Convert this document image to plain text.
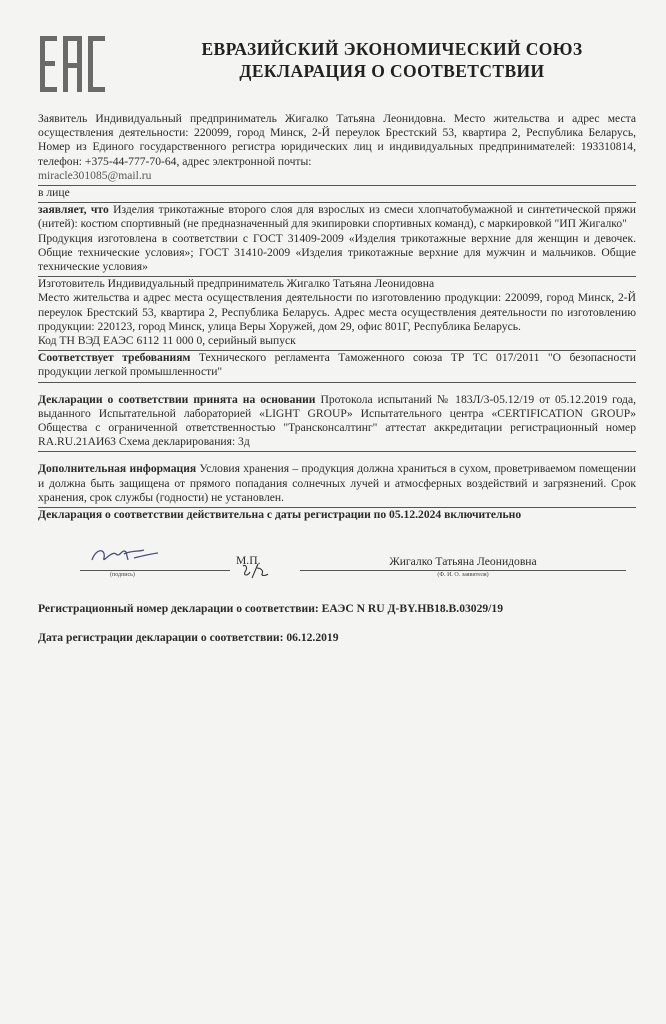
ЕВРАЗИЙСКИЙ ЭКОНОМИЧЕСКИЙ СОЮЗ
ДЕКЛАРАЦИЯ О СООТВЕТСТВИИ
Заявитель Индивидуальный предприниматель Жигалко Татьяна Леонидовна. Место жительства и адрес места осуществления деятельности: 220099, город Минск, 2-Й переулок Брестский 53, квартира 2, Республика Беларусь, Номер из Единого государственного регистра юридических лиц и индивидуальных предпринимателей: 193310814, телефон: +375-44-777-70-64, адрес электронной почты:
miracle301085@mail.ru
в лице
заявляет, что Изделия трикотажные второго слоя для взрослых из смеси хлопчатобумажной и синтетической пряжи (нитей): костюм спортивный (не предназначенный для экипировки спортивных команд), с маркировкой "ИП Жигалко"
Продукция изготовлена в соответствии с ГОСТ 31409-2009 «Изделия трикотажные верхние для женщин и девочек. Общие технические условия»; ГОСТ 31410-2009 «Изделия трикотажные верхние для мужчин и мальчиков. Общие технические условия»
Изготовитель Индивидуальный предприниматель Жигалко Татьяна Леонидовна
Место жительства и адрес места осуществления деятельности по изготовлению продукции: 220099, город Минск, 2-Й переулок Брестский 53, квартира 2, Республика Беларусь. Адрес места осуществления деятельности по изготовлению продукции: 220123, город Минск, улица Веры Хоружей, дом 29, офис 801Г, Республика Беларусь.
Код ТН ВЭД ЕАЭС 6112 11 000 0, серийный выпуск
Соответствует требованиям Технического регламента Таможенного союза ТР ТС 017/2011 "О безопасности продукции легкой промышленности"
Декларации о соответствии принята на основании Протокола испытаний № 183Л/3-05.12/19 от 05.12.2019 года, выданного Испытательной лабораторией «LIGHT GROUP» Испытательного центра «CERTIFICATION GROUP» Общества с ограниченной ответственностью "Трансконсалтинг" аттестат аккредитации регистрационный номер RA.RU.21АИ63 Схема декларирования: 3д
Дополнительная информация Условия хранения – продукция должна храниться в сухом, проветриваемом помещении и должна быть защищена от прямого попадания солнечных лучей и атмосферных воздействий и загрязнений. Срок хранения, срок службы (годности) не установлен.
Декларация о соответствии действительна с даты регистрации по 05.12.2024 включительно
(подпись)
М.П.	Жигалко Татьяна Леонидовна
(Ф. И. О. заявителя)
Регистрационный номер декларации о соответствии: ЕАЭС N RU Д-BY.НВ18.В.03029/19
Дата регистрации декларации о соответствии: 06.12.2019
